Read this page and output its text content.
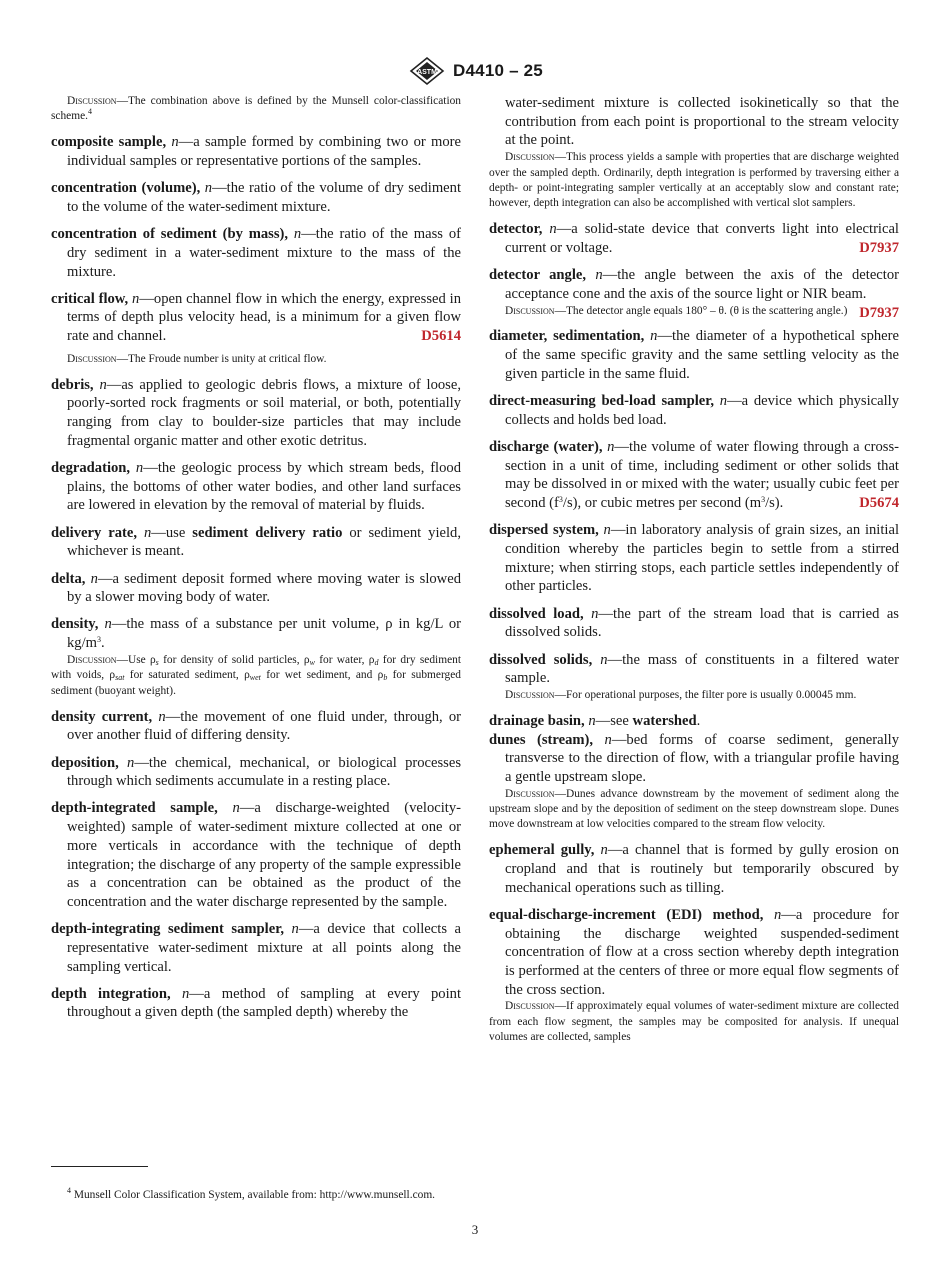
ASTM D4410 – 25

Discussion—The combination above is defined by the Munsell color-classification scheme.$^4$

composite sample, n—a sample formed by combining two or more individual samples or representative portions of the samples.

concentration (volume), n—the ratio of the volume of dry sediment to the volume of the water-sediment mixture.

concentration of sediment (by mass), n—the ratio of the mass of dry sediment in a water-sediment mixture to the mass of the mixture.

critical flow, n—open channel flow in which the energy, expressed in terms of depth plus velocity head, is a minimum for a given flow rate and channel.	D5614

Discussion—The Froude number is unity at critical flow.

debris, n—as applied to geologic debris flows, a mixture of loose, poorly-sorted rock fragments or soil material, or both, potentially ranging from clay to boulder-size particles that may include fragmental organic matter and other exotic detritus.

degradation, n—the geologic process by which stream beds, flood plains, the bottoms of other water bodies, and other land surfaces are lowered in elevation by the removal of material by fluids.

delivery rate, n—use sediment delivery ratio or sediment yield, whichever is meant.

delta, n—a sediment deposit formed where moving water is slowed by a slower moving body of water.

density, n—the mass of a substance per unit volume, ρ in kg/L or $kg/m^3$.

Discussion—Use $\rho_s$ for density of solid particles, $\rho_w$ for water, $\rho_d$ for dry sediment with voids, $\rho_{sat}$ for saturated sediment, $\rho_{wet}$ for wet sediment, and $\rho_b$ for submerged sediment (buoyant weight).

density current, n—the movement of one fluid under, through, or over another fluid of differing density.

deposition, n—the chemical, mechanical, or biological processes through which sediments accumulate in a resting place.

depth-integrated sample, n—a discharge-weighted (velocity-weighted) sample of water-sediment mixture collected at one or more verticals in accordance with the technique of depth integration; the discharge of any property of the sample expressible as a concentration can be obtained as the product of the concentration and the water discharge represented by the sample.

depth-integrating sediment sampler, n—a device that collects a representative water-sediment mixture at all points along the sampling vertical.

depth integration, n—a method of sampling at every point throughout a given depth (the sampled depth) whereby the

water-sediment mixture is collected isokinetically so that the contribution from each point is proportional to the stream velocity at the point.

Discussion—This process yields a sample with properties that are discharge weighted over the sampled depth. Ordinarily, depth integration is performed by traversing either a depth- or point-integrating sampler vertically at an acceptably slow and constant rate; however, depth integration can also be accomplished with vertical slot samplers.

detector, n—a solid-state device that converts light into electrical current or voltage.	D7937

detector angle, n—the angle between the axis of the detector acceptance cone and the axis of the source light or NIR beam.
D7937

Discussion—The detector angle equals 180° – θ. (θ is the scattering angle.)

diameter, sedimentation, n—the diameter of a hypothetical sphere of the same specific gravity and the same settling velocity as the given particle in the same fluid.

direct-measuring bed-load sampler, n—a device which physically collects and holds bed load.

discharge (water), n—the volume of water flowing through a cross-section in a unit of time, including sediment or other solids that may be dissolved in or mixed with the water; usually cubic feet per second $(f^3/s)$, or cubic metres per second $(m^3/s)$.	D5674

dispersed system, n—in laboratory analysis of grain sizes, an initial condition whereby the particles begin to settle from a stirred mixture; when stirring stops, each particle settles independently of other particles.

dissolved load, n—the part of the stream load that is carried as dissolved solids.

dissolved solids, n—the mass of constituents in a filtered water sample.

Discussion—For operational purposes, the filter pore is usually 0.00045 mm.

drainage basin, n—see watershed.

dunes (stream), n—bed forms of coarse sediment, generally transverse to the direction of flow, with a triangular profile having a gentle upstream slope.

Discussion—Dunes advance downstream by the movement of sediment along the upstream slope and by the deposition of sediment on the steep downstream slope. Dunes move downstream at low velocities compared to the stream flow velocity.

ephemeral gully, n—a channel that is formed by gully erosion on cropland and that is routinely but temporarily obscured by mechanical operations such as tilling.

equal-discharge-increment (EDI) method, n—a procedure for obtaining the discharge weighted suspended-sediment concentration of flow at a cross section whereby depth integration is performed at the centers of three or more equal flow segments of the cross section.

Discussion—If approximately equal volumes of water-sediment mixture are collected from each flow segment, the samples may be composited for analysis. If unequal volumes are collected, samples

$^4$ Munsell Color Classification System, available from: http://www.munsell.com.

3
